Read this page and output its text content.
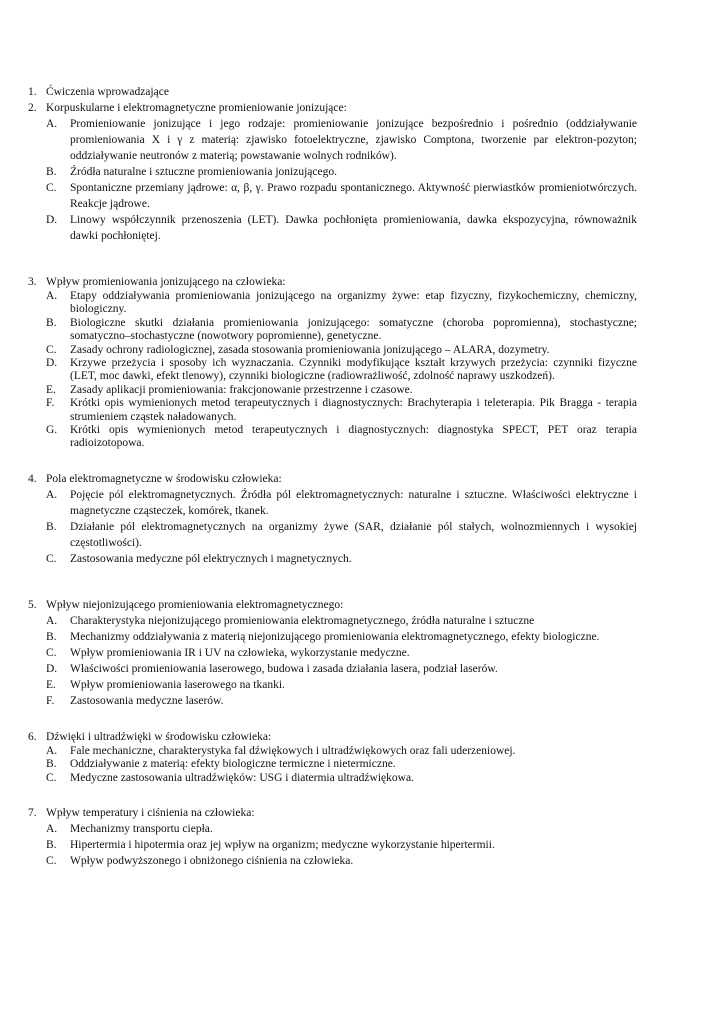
1. Ćwiczenia wprowadzające
2. Korpuskularne i elektromagnetyczne promieniowanie jonizujące:
A.	Promieniowanie jonizujące i jego rodzaje: promieniowanie jonizujące bezpośrednio i pośrednio (oddziaływanie promieniowania X i γ z materią: zjawisko fotoelektryczne, zjawisko Comptona, tworzenie par elektron-pozyton; oddziaływanie neutronów z materią; powstawanie wolnych rodników).
B.	Źródła naturalne i sztuczne promieniowania jonizującego.
C.	Spontaniczne przemiany jądrowe: α, β, γ. Prawo rozpadu spontanicznego. Aktywność pierwiastków promieniotwórczych. Reakcje jądrowe.
D.	Linowy współczynnik przenoszenia (LET). Dawka pochłonięta promieniowania, dawka ekspozycyjna, równoważnik dawki pochłoniętej.
3. Wpływ promieniowania jonizującego na człowieka:
A.	Etapy oddziaływania promieniowania jonizującego na organizmy żywe: etap fizyczny, fizykochemiczny, chemiczny, biologiczny.
B.	Biologiczne skutki działania promieniowania jonizującego: somatyczne (choroba popromienna), stochastyczne; somatyczno–stochastyczne (nowotwory popromienne), genetyczne.
C.	Zasady ochrony radiologicznej, zasada stosowania promieniowania jonizującego – ALARA, dozymetry.
D.	Krzywe przeżycia i sposoby ich wyznaczania. Czynniki modyfikujące kształt krzywych przeżycia: czynniki fizyczne (LET, moc dawki, efekt tlenowy), czynniki biologiczne (radiowrażliwość, zdolność naprawy uszkodzeń).
E.	Zasady aplikacji promieniowania: frakcjonowanie przestrzenne i czasowe.
F.	Krótki opis wymienionych metod terapeutycznych i diagnostycznych: Brachyterapia i teleterapia. Pik Bragga - terapia strumieniem cząstek naładowanych.
G.	Krótki opis wymienionych metod terapeutycznych i diagnostycznych: diagnostyka SPECT, PET oraz terapia radioizotopowa.
4. Pola elektromagnetyczne w środowisku człowieka:
A.	Pojęcie pól elektromagnetycznych. Źródła pól elektromagnetycznych: naturalne i sztuczne. Właściwości elektryczne i magnetyczne cząsteczek, komórek, tkanek.
B.	Działanie pól elektromagnetycznych na organizmy żywe (SAR, działanie pól stałych, wolnozmiennych i wysokiej częstotliwości).
C.	Zastosowania medyczne pól elektrycznych i magnetycznych.
5. Wpływ niejonizującego promieniowania elektromagnetycznego:
A.	Charakterystyka niejonizującego promieniowania elektromagnetycznego, źródła naturalne i sztuczne
B.	Mechanizmy oddziaływania z materią niejonizującego promieniowania elektromagnetycznego, efekty biologiczne.
C.	Wpływ promieniowania IR i UV na człowieka, wykorzystanie medyczne.
D.	Właściwości promieniowania laserowego, budowa i zasada działania lasera, podział laserów.
E.	Wpływ promieniowania laserowego na tkanki.
F.	Zastosowania medyczne laserów.
6. Dźwięki i ultradźwięki w środowisku człowieka:
A.	Fale mechaniczne, charakterystyka fal dźwiękowych i ultradźwiękowych oraz fali uderzeniowej.
B.	Oddziaływanie z materią: efekty biologiczne termiczne i nietermiczne.
C.	Medyczne zastosowania ultradźwięków: USG i diatermia ultradźwiękowa.
7. Wpływ temperatury i ciśnienia na człowieka:
A.	Mechanizmy transportu ciepła.
B.	Hipertermia i hipotermia oraz jej wpływ na organizm; medyczne wykorzystanie hipertermii.
C.	Wpływ podwyższonego i obniżonego ciśnienia na człowieka.
